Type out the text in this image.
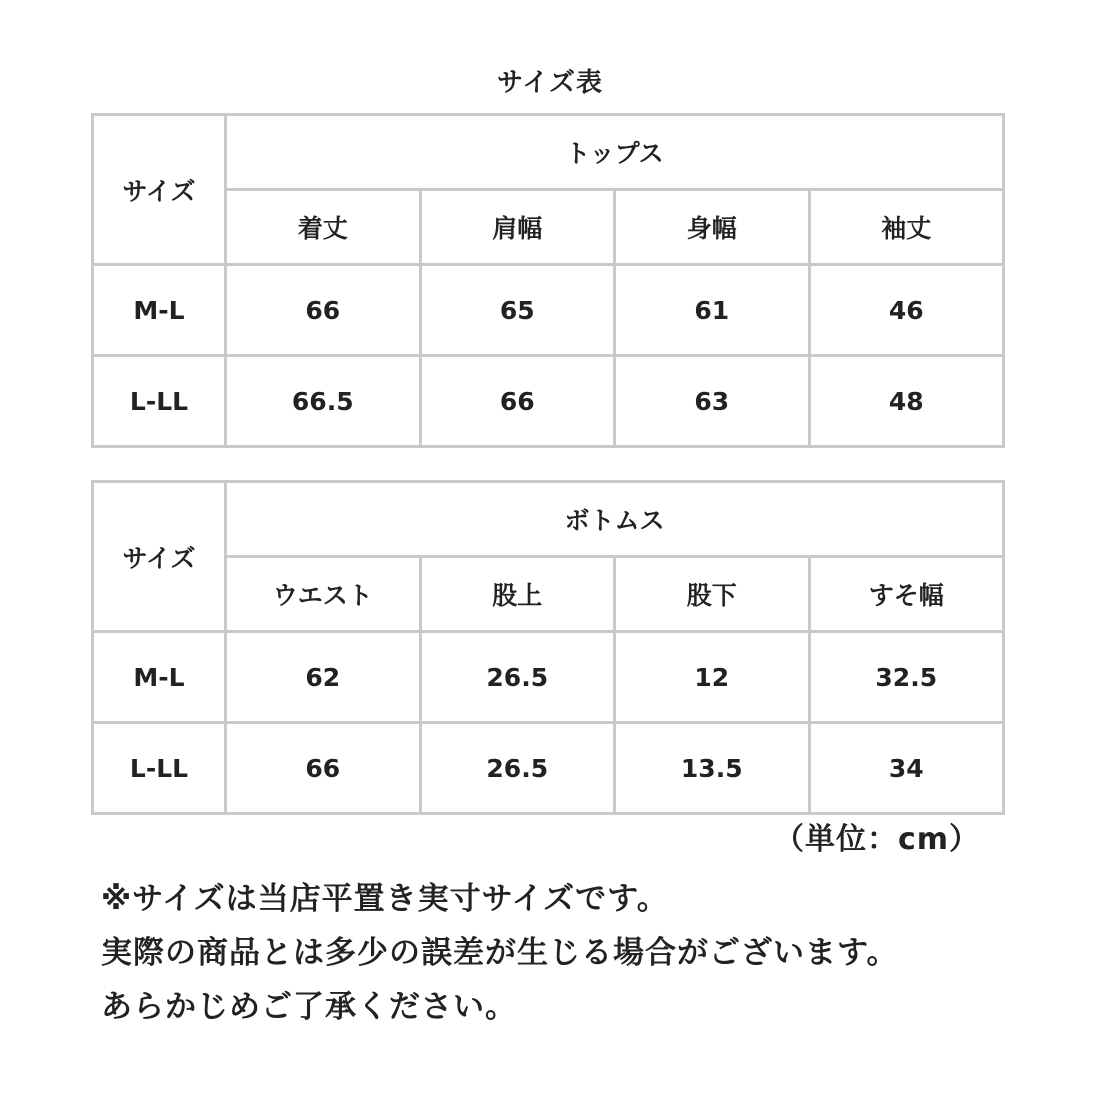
サイズ表
サイズ	トップス			
	着丈	肩幅	身幅	袖丈
M-L	66	65	61	46
L-LL	66.5	66	63	48
サイズ	ボトムス			
	ウエスト	股上	股下	すそ幅
M-L	62	26.5	12	32.5
L-LL	66	26.5	13.5	34
（単位：cm）
※サイズは当店平置き実寸サイズです。
実際の商品とは多少の誤差が生じる場合がございます。
あらかじめご了承ください。
